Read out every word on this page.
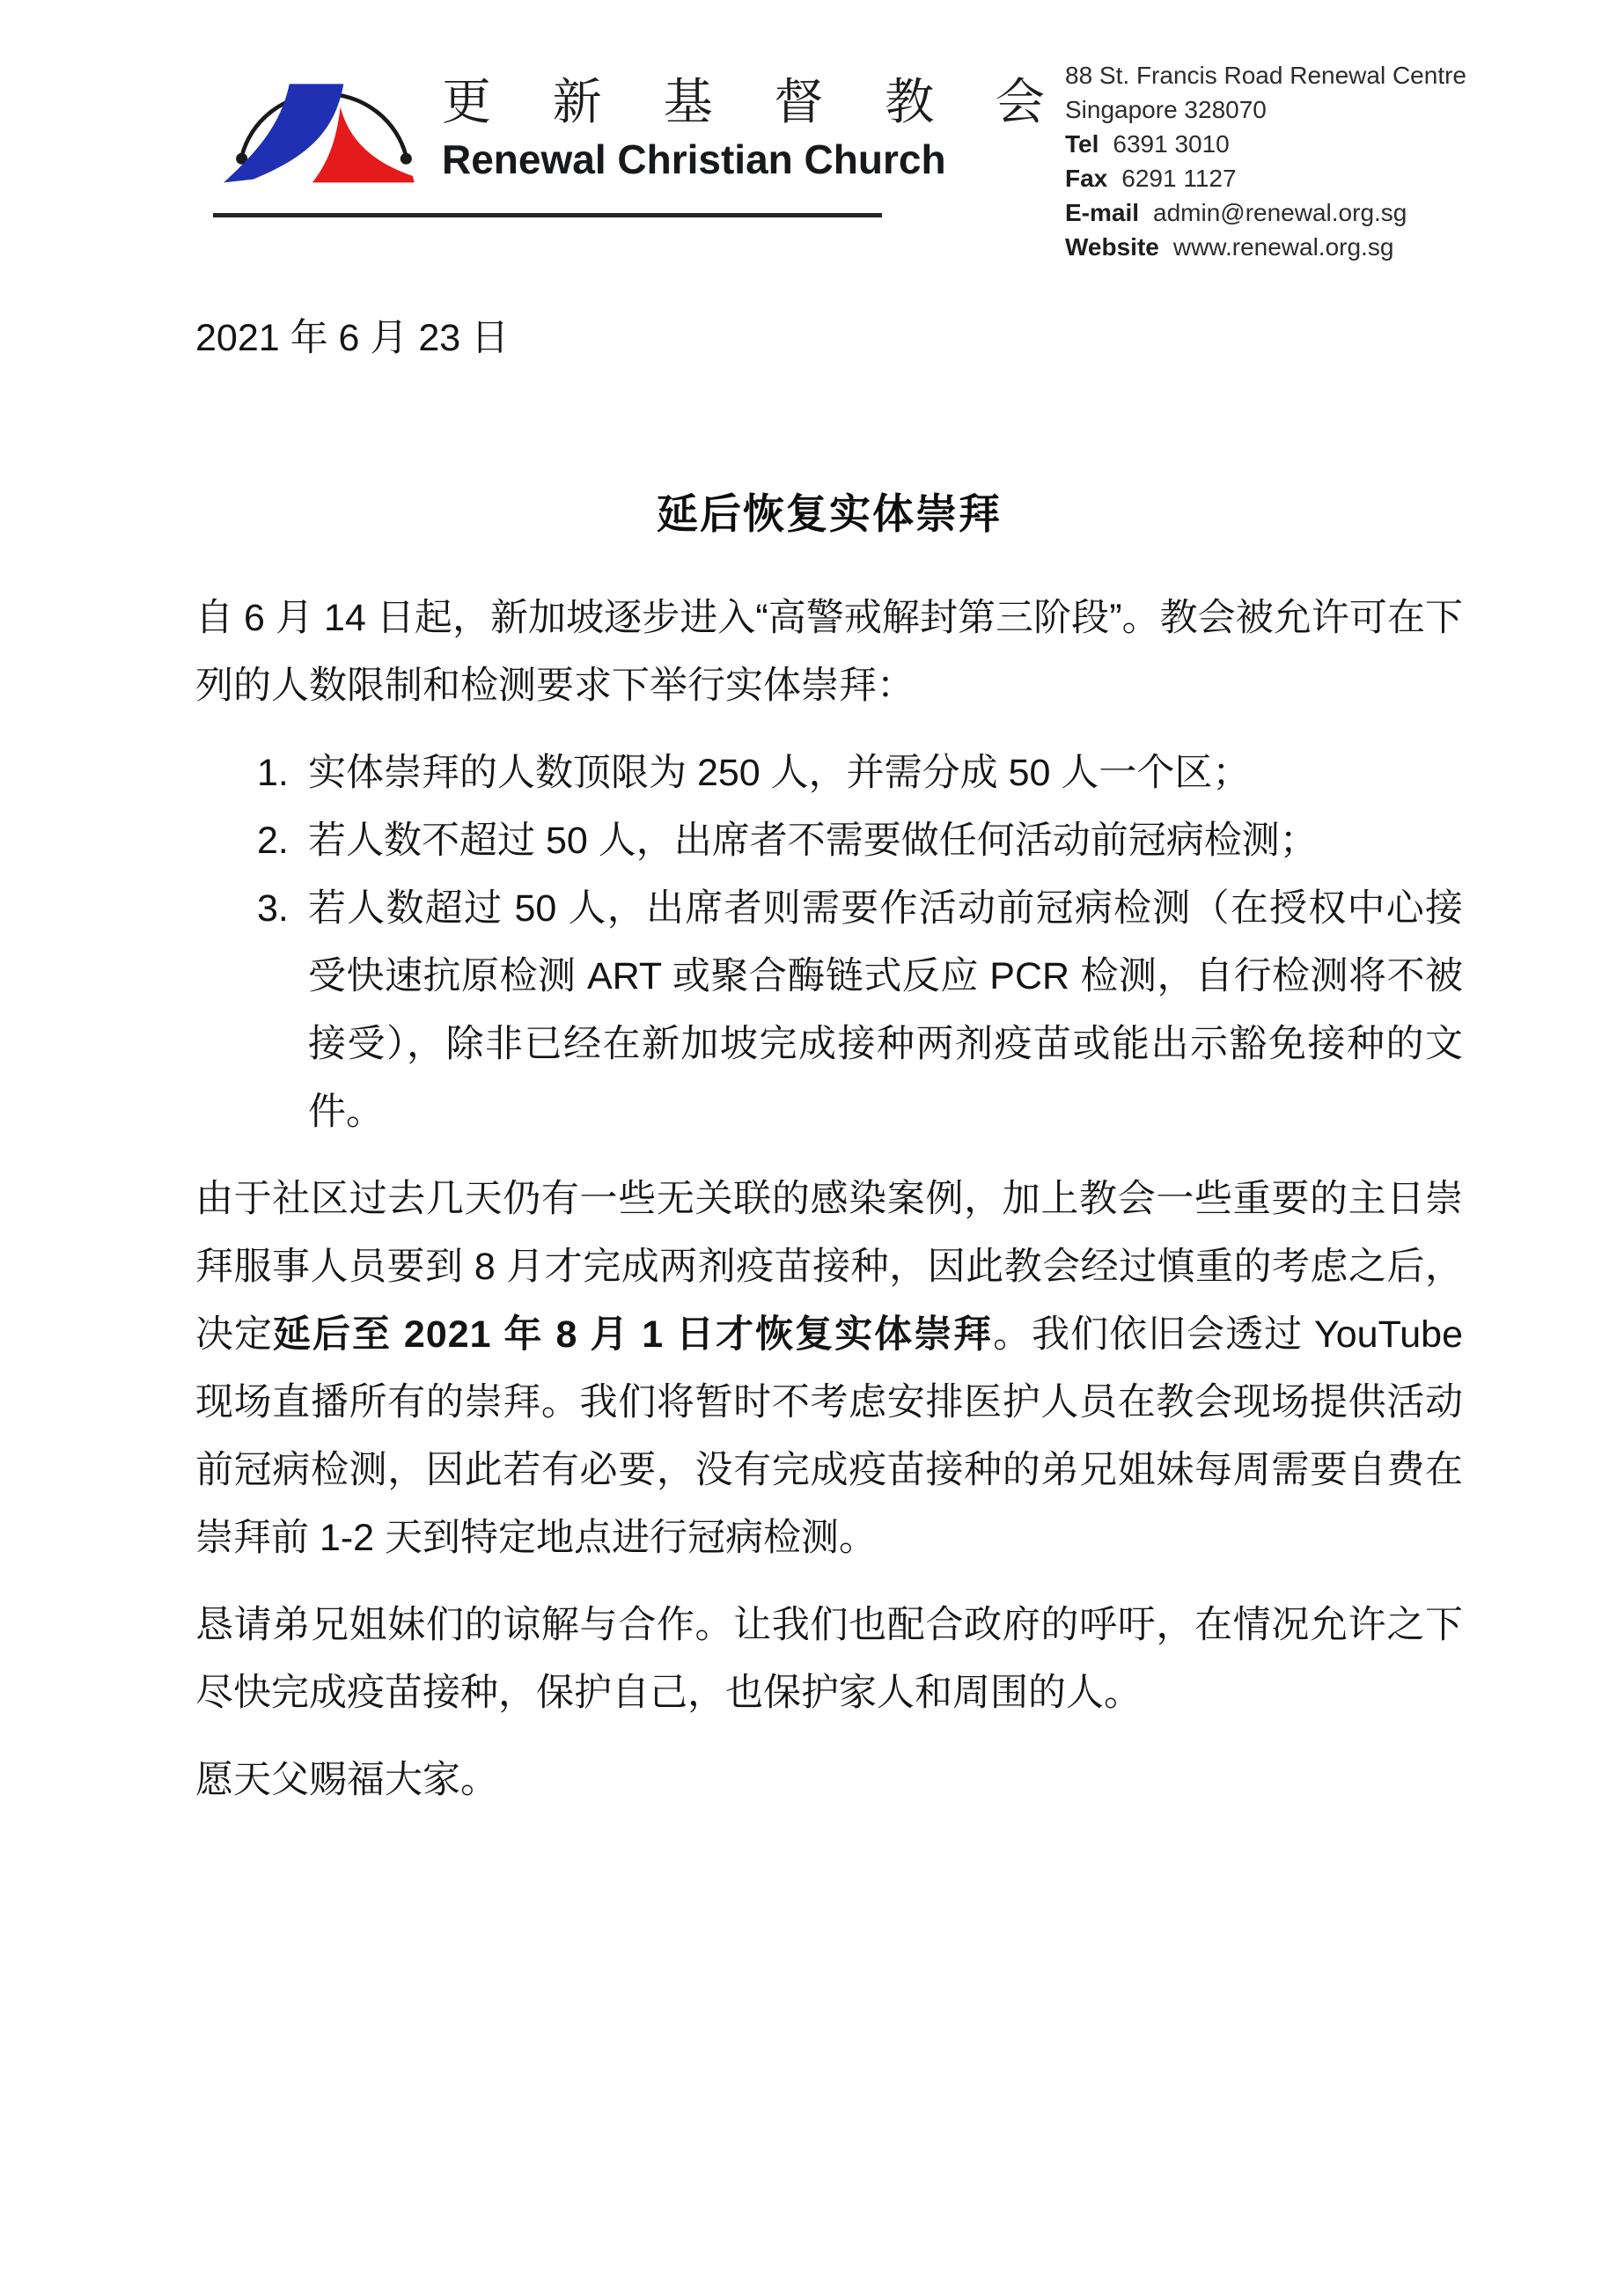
更 新 基 督 教 会
Renewal Christian Church
88 St. Francis Road Renewal Centre
Singapore 328070
Tel 6391 3010
Fax 6291 1127
E-mail admin@renewal.org.sg
Website www.renewal.org.sg
2021 年 6 月 23 日
延后恢复实体崇拜

自 6 月 14 日起，新加坡逐步进入“高警戒解封第三阶段”。教会被允许可在下列的人数限制和检测要求下举行实体崇拜：

1. 实体崇拜的人数顶限为 250 人，并需分成 50 人一个区；
2. 若人数不超过 50 人，出席者不需要做任何活动前冠病检测；
3. 若人数超过 50 人，出席者则需要作活动前冠病检测（在授权中心接受快速抗原检测 ART 或聚合酶链式反应 PCR 检测，自行检测将不被接受），除非已经在新加坡完成接种两剂疫苗或能出示豁免接种的文件。

由于社区过去几天仍有一些无关联的感染案例，加上教会一些重要的主日崇拜服事人员要到 8 月才完成两剂疫苗接种，因此教会经过慎重的考虑之后，决定延后至 2021 年 8 月 1 日才恢复实体崇拜。我们依旧会透过 YouTube 现场直播所有的崇拜。我们将暂时不考虑安排医护人员在教会现场提供活动前冠病检测，因此若有必要，没有完成疫苗接种的弟兄姐妹每周需要自费在崇拜前 1-2 天到特定地点进行冠病检测。

恳请弟兄姐妹们的谅解与合作。让我们也配合政府的呼吁，在情况允许之下尽快完成疫苗接种，保护自己，也保护家人和周围的人。

愿天父赐福大家。
